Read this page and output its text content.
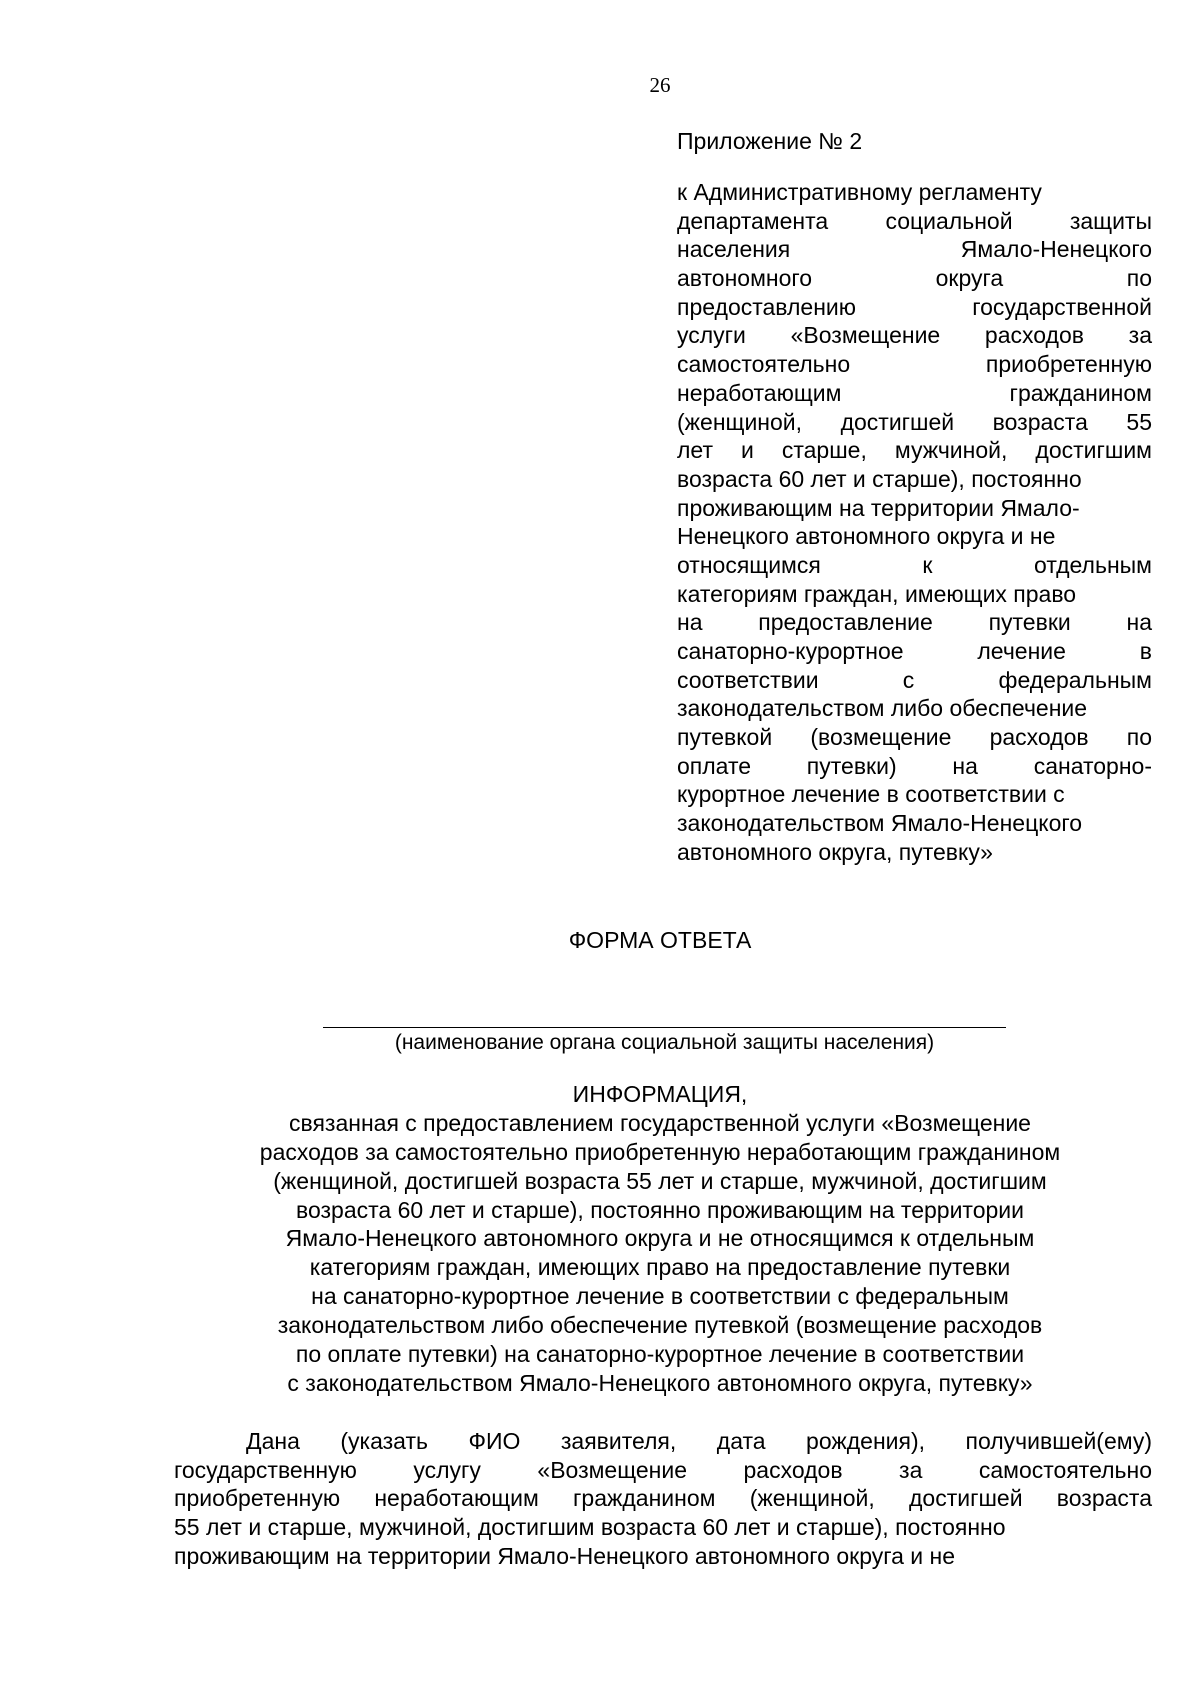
26
Приложение № 2
к Административному регламенту
департамента социальной защиты
населения Ямало-Ненецкого
автономного округа по
предоставлению государственной
услуги «Возмещение расходов за
самостоятельно приобретенную
неработающим гражданином
(женщиной, достигшей возраста 55
лет и старше, мужчиной, достигшим
возраста 60 лет и старше), постоянно
проживающим на территории Ямало-
Ненецкого автономного округа и не
относящимся к отдельным
категориям граждан, имеющих право
на предоставление путевки на
санаторно-курортное лечение в
соответствии с федеральным
законодательством либо обеспечение
путевкой (возмещение расходов по
оплате путевки) на санаторно-
курортное лечение в соответствии с
законодательством Ямало-Ненецкого
автономного округа, путевку»
ФОРМА ОТВЕТА
(наименование органа социальной защиты населения)
ИНФОРМАЦИЯ,
связанная с предоставлением государственной услуги «Возмещение
расходов за самостоятельно приобретенную неработающим гражданином
(женщиной, достигшей возраста 55 лет и старше, мужчиной, достигшим
возраста 60 лет и старше), постоянно проживающим на территории
Ямало-Ненецкого автономного округа и не относящимся к отдельным
категориям граждан, имеющих право на предоставление путевки
на санаторно-курортное лечение в соответствии с федеральным
законодательством либо обеспечение путевкой (возмещение расходов
по оплате путевки) на санаторно-курортное лечение в соответствии
с законодательством Ямало-Ненецкого автономного округа, путевку»
Дана (указать ФИО заявителя, дата рождения), получившей(ему)
государственную услугу «Возмещение расходов за самостоятельно
приобретенную неработающим гражданином (женщиной, достигшей возраста
55 лет и старше, мужчиной, достигшим возраста 60 лет и старше), постоянно
проживающим на территории Ямало-Ненецкого автономного округа и не
